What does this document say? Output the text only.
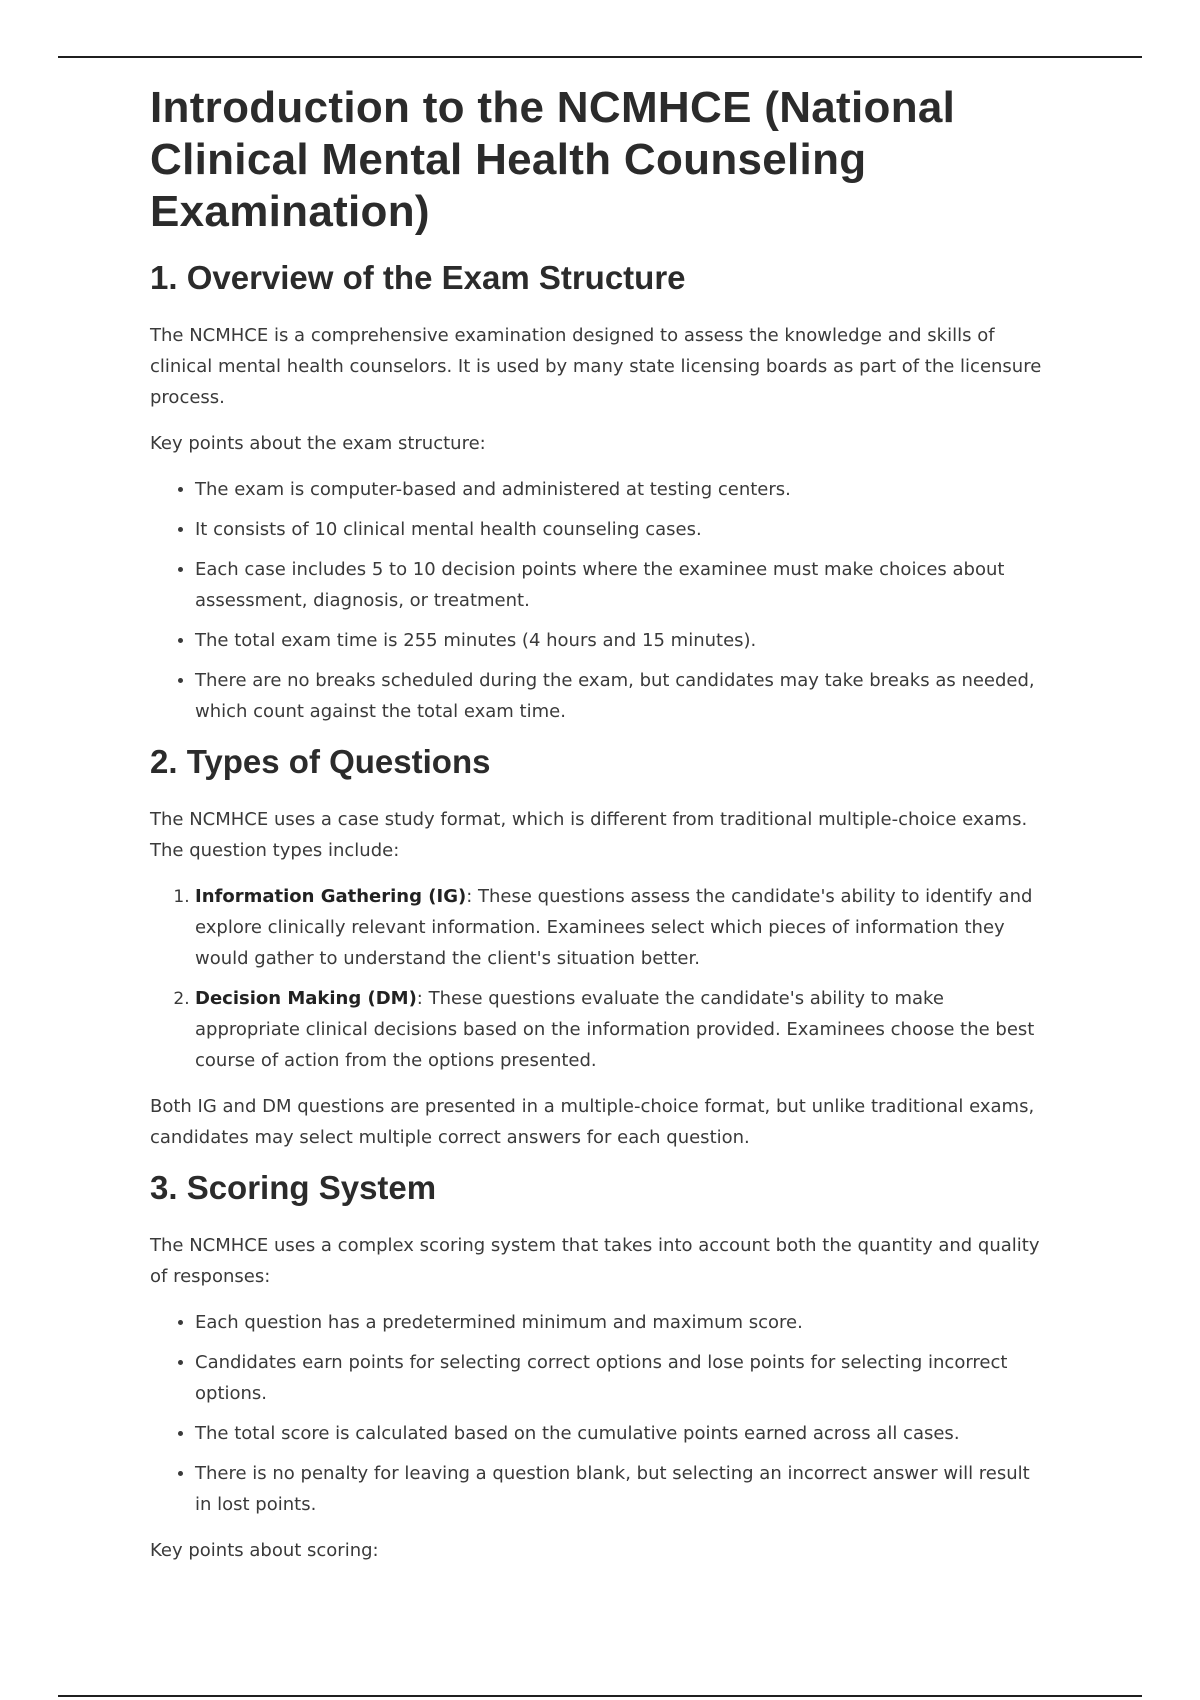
Introduction to the NCMHCE (National Clinical Mental Health Counseling Examination)
1. Overview of the Exam Structure

The NCMHCE is a comprehensive examination designed to assess the knowledge and skills of clinical mental health counselors. It is used by many state licensing boards as part of the licensure process.

Key points about the exam structure:

• The exam is computer-based and administered at testing centers.
• It consists of 10 clinical mental health counseling cases.
• Each case includes 5 to 10 decision points where the examinee must make choices about assessment, diagnosis, or treatment.
• The total exam time is 255 minutes (4 hours and 15 minutes).
• There are no breaks scheduled during the exam, but candidates may take breaks as needed, which count against the total exam time.
2. Types of Questions

The NCMHCE uses a case study format, which is different from traditional multiple-choice exams. The question types include:

1. Information Gathering (IG): These questions assess the candidate's ability to identify and explore clinically relevant information. Examinees select which pieces of information they would gather to understand the client's situation better.
2. Decision Making (DM): These questions evaluate the candidate's ability to make appropriate clinical decisions based on the information provided. Examinees choose the best course of action from the options presented.

Both IG and DM questions are presented in a multiple-choice format, but unlike traditional exams, candidates may select multiple correct answers for each question.

3. Scoring System

The NCMHCE uses a complex scoring system that takes into account both the quantity and quality of responses:

• Each question has a predetermined minimum and maximum score.
• Candidates earn points for selecting correct options and lose points for selecting incorrect options.
• The total score is calculated based on the cumulative points earned across all cases.
• There is no penalty for leaving a question blank, but selecting an incorrect answer will result in lost points.

Key points about scoring:
